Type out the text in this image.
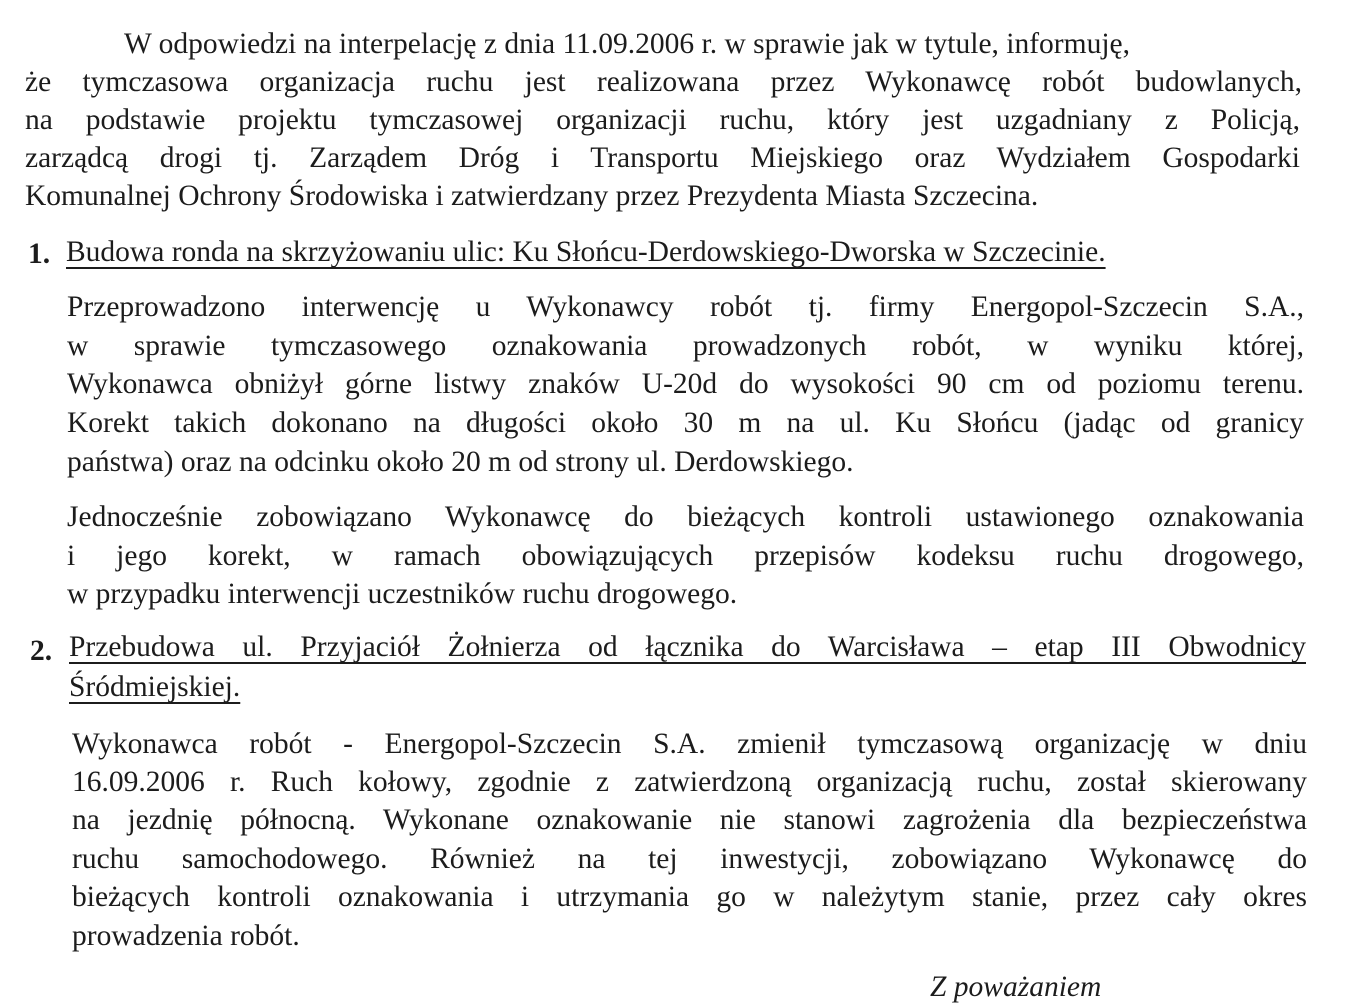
W odpowiedzi na interpelację z dnia 11.09.2006 r. w sprawie jak w tytule, informuję,
że tymczasowa organizacja ruchu jest realizowana przez Wykonawcę robót budowlanych,
na podstawie projektu tymczasowej organizacji ruchu, który jest uzgadniany z Policją,
zarządcą drogi tj. Zarządem Dróg i Transportu Miejskiego oraz Wydziałem Gospodarki
Komunalnej Ochrony Środowiska i zatwierdzany przez Prezydenta Miasta Szczecina.
1. Budowa ronda na skrzyżowaniu ulic: Ku Słońcu-Derdowskiego-Dworska w Szczecinie.
Przeprowadzono interwencję u Wykonawcy robót tj. firmy Energopol-Szczecin S.A.,
w sprawie tymczasowego oznakowania prowadzonych robót, w wyniku której,
Wykonawca obniżył górne listwy znaków U-20d do wysokości 90 cm od poziomu terenu.
Korekt takich dokonano na długości około 30 m na ul. Ku Słońcu (jadąc od granicy
państwa) oraz na odcinku około 20 m od strony ul. Derdowskiego.
Jednocześnie zobowiązano Wykonawcę do bieżących kontroli ustawionego oznakowania
i jego korekt, w ramach obowiązujących przepisów kodeksu ruchu drogowego,
w przypadku interwencji uczestników ruchu drogowego.
2. Przebudowa ul. Przyjaciół Żołnierza od łącznika do Warcisława – etap III Obwodnicy
Śródmiejskiej.
Wykonawca robót - Energopol-Szczecin S.A. zmienił tymczasową organizację w dniu
16.09.2006 r. Ruch kołowy, zgodnie z zatwierdzoną organizacją ruchu, został skierowany
na jezdnię północną. Wykonane oznakowanie nie stanowi zagrożenia dla bezpieczeństwa
ruchu samochodowego. Również na tej inwestycji, zobowiązano Wykonawcę do
bieżących kontroli oznakowania i utrzymania go w należytym stanie, przez cały okres
prowadzenia robót.
Z poważaniem
